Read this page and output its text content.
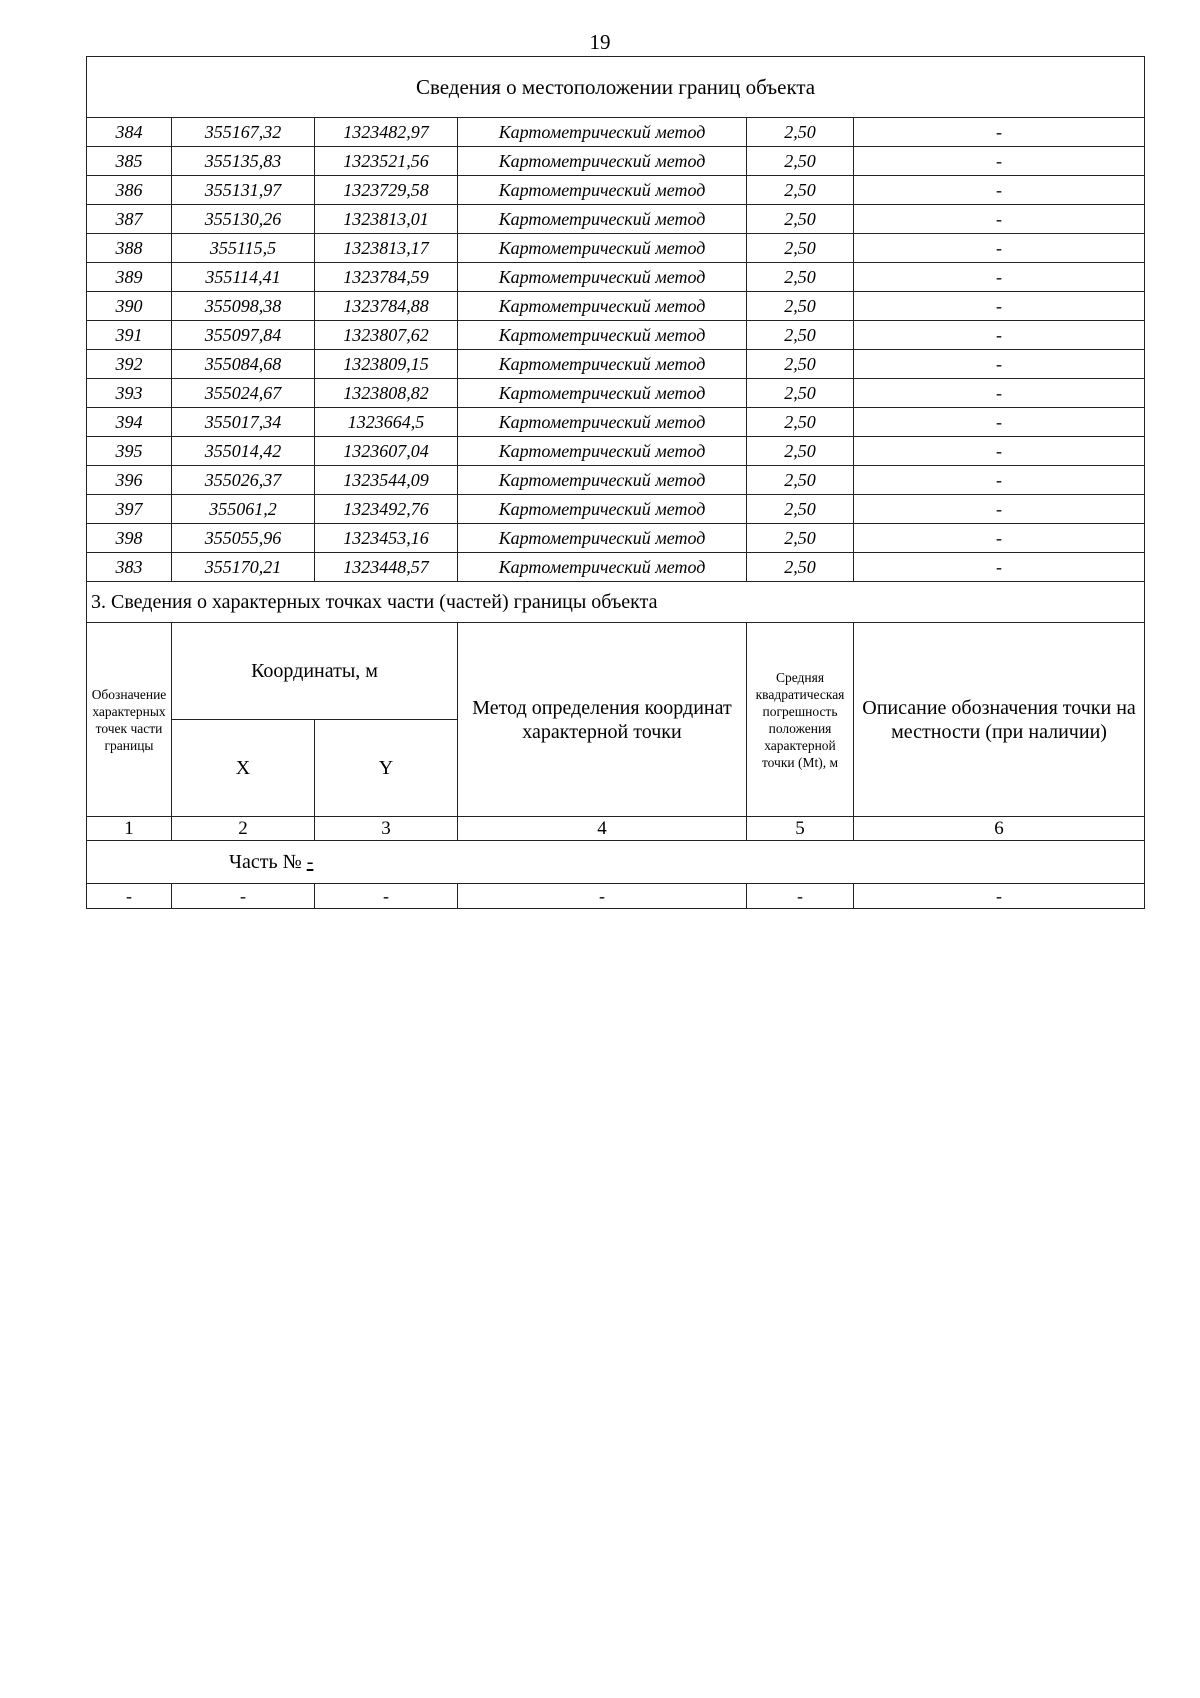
19
Сведения о местоположении границ объекта					
384	355167,32	1323482,97	Картометрический метод	2,50	-
385	355135,83	1323521,56	Картометрический метод	2,50	-
386	355131,97	1323729,58	Картометрический метод	2,50	-
387	355130,26	1323813,01	Картометрический метод	2,50	-
388	355115,5	1323813,17	Картометрический метод	2,50	-
389	355114,41	1323784,59	Картометрический метод	2,50	-
390	355098,38	1323784,88	Картометрический метод	2,50	-
391	355097,84	1323807,62	Картометрический метод	2,50	-
392	355084,68	1323809,15	Картометрический метод	2,50	-
393	355024,67	1323808,82	Картометрический метод	2,50	-
394	355017,34	1323664,5	Картометрический метод	2,50	-
395	355014,42	1323607,04	Картометрический метод	2,50	-
396	355026,37	1323544,09	Картометрический метод	2,50	-
397	355061,2	1323492,76	Картометрический метод	2,50	-
398	355055,96	1323453,16	Картометрический метод	2,50	-
383	355170,21	1323448,57	Картометрический метод	2,50	-
3. Сведения о характерных точках части (частей) границы объекта					
Обозначение характерных точек части границы	Координаты, м		Метод определения координат характерной точки	Средняя квадратическая погрешность положения характерной точки (Mt), м	Описание обозначения точки на местности (при наличии)
	X	Y			
1	2	3	4	5	6
Часть № -					
-	-	-	-	-	-
